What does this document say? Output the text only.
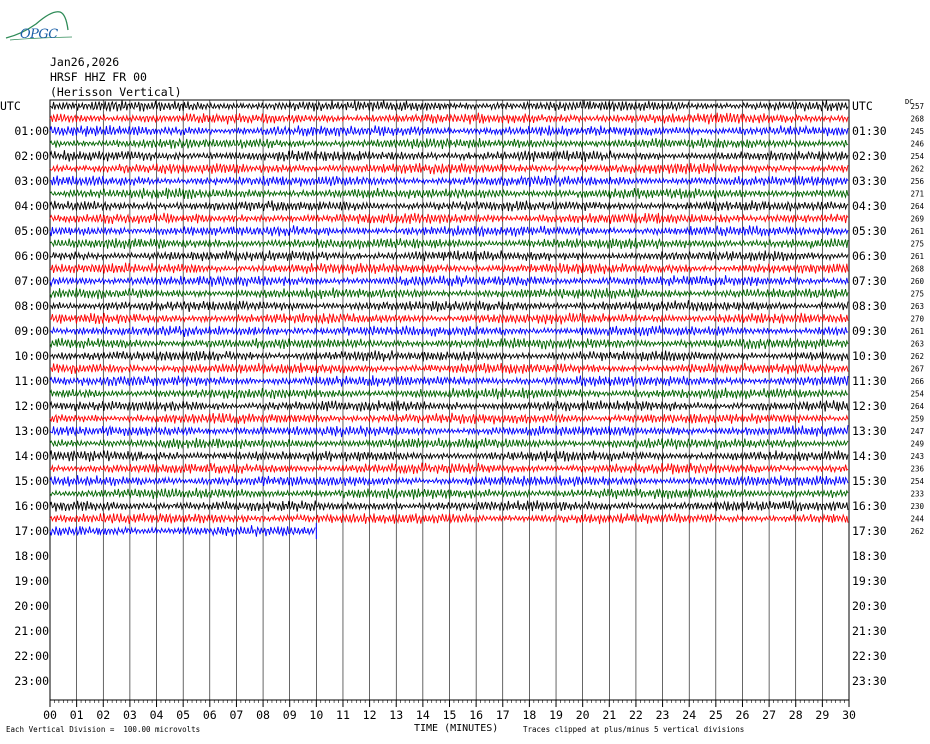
OPGC
Jan26,2026
HRSF HHZ FR 00
(Herisson Vertical)
00 01 02 03 04 05 06 07 08 09 10 11 12 13 14 15 16 17 18 19 20 21 22 23 24 25 26 27 28 29 30
UTC
01:00
02:00
03:00
04:00
05:00
06:00
07:00
08:00
09:00
10:00
11:00
12:00
13:00
14:00
15:00
16:00
17:00
18:00
19:00
20:00
21:00
22:00
23:00
UTC
01:30
02:30
03:30
04:30
05:30
06:30
07:30
08:30
09:30
10:30
11:30
12:30
13:30
14:30
15:30
16:30
17:30
18:30
19:30
20:30
21:30
22:30
23:30
DC
257
268
245
246
254
262
256
271
264
269
261
275
261
268
260
275
263
270
261
263
262
267
266
254
264
259
247
249
243
236
254
233
230
244
262
Each Vertical Division =  100.00 microvolts	TIME (MINUTES)	Traces clipped at plus/minus 5 vertical divisions
